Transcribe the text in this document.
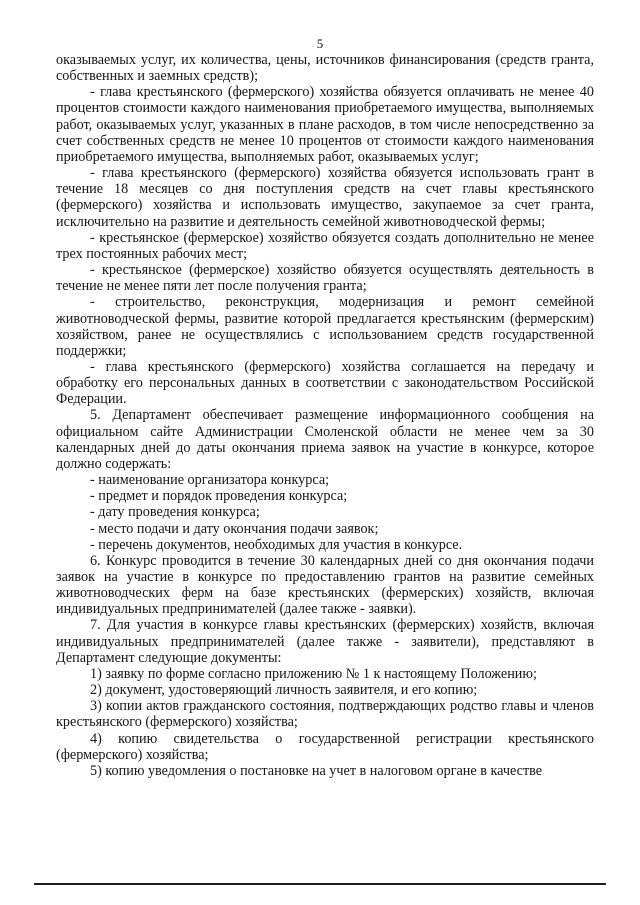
5

оказываемых услуг, их количества, цены, источников финансирования (средств гранта, собственных и заемных средств);

- глава крестьянского (фермерского) хозяйства обязуется оплачивать не менее 40 процентов стоимости каждого наименования приобретаемого имущества, выполняемых работ, оказываемых услуг, указанных в плане расходов, в том числе непосредственно за счет собственных средств не менее 10 процентов от стоимости каждого наименования приобретаемого имущества, выполняемых работ, оказываемых услуг;

- глава крестьянского (фермерского) хозяйства обязуется использовать грант в течение 18 месяцев со дня поступления средств на счет главы крестьянского (фермерского) хозяйства и использовать имущество, закупаемое за счет гранта, исключительно на развитие и деятельность семейной животноводческой фермы;

- крестьянское (фермерское) хозяйство обязуется создать дополнительно не менее трех постоянных рабочих мест;

- крестьянское (фермерское) хозяйство обязуется осуществлять деятельность в течение не менее пяти лет после получения гранта;

- строительство, реконструкция, модернизация и ремонт семейной животноводческой фермы, развитие которой предлагается крестьянским (фермерским) хозяйством, ранее не осуществлялись с использованием средств государственной поддержки;

- глава крестьянского (фермерского) хозяйства соглашается на передачу и обработку его персональных данных в соответствии с законодательством Российской Федерации.

5. Департамент обеспечивает размещение информационного сообщения на официальном сайте Администрации Смоленской области не менее чем за 30 календарных дней до даты окончания приема заявок на участие в конкурсе, которое должно содержать:

- наименование организатора конкурса;

- предмет и порядок проведения конкурса;

- дату проведения конкурса;

- место подачи и дату окончания подачи заявок;

- перечень документов, необходимых для участия в конкурсе.

6. Конкурс проводится в течение 30 календарных дней со дня окончания подачи заявок на участие в конкурсе по предоставлению грантов на развитие семейных животноводческих ферм на базе крестьянских (фермерских) хозяйств, включая индивидуальных предпринимателей (далее также - заявки).

7. Для участия в конкурсе главы крестьянских (фермерских) хозяйств, включая индивидуальных предпринимателей (далее также - заявители), представляют в Департамент следующие документы:

1) заявку по форме согласно приложению № 1 к настоящему Положению;

2) документ, удостоверяющий личность заявителя, и его копию;

3) копии актов гражданского состояния, подтверждающих родство главы и членов крестьянского (фермерского) хозяйства;

4) копию свидетельства о государственной регистрации крестьянского (фермерского) хозяйства;

5) копию уведомления о постановке на учет в налоговом органе в качестве
